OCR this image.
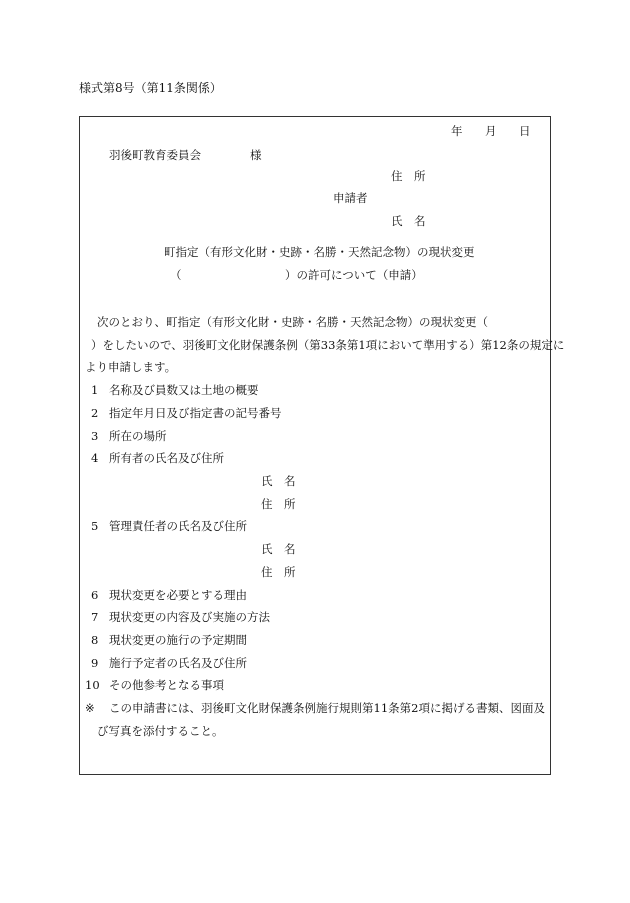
様式第8号（第11条関係）
年 月 日
羽後町教育委員会	様
住　所
申請者
氏　名
町指定（有形文化財・史跡・名勝・天然記念物）の現状変更
（	）の許可について（申請）
次のとおり、町指定（有形文化財・史跡・名勝・天然記念物）の現状変更（
）をしたいので、羽後町文化財保護条例（第33条第1項において準用する）第12条の規定に
より申請します。
1 名称及び員数又は土地の概要
2 指定年月日及び指定書の記号番号
3 所在の場所
4 所有者の氏名及び住所
氏　名
住　所
5 管理責任者の氏名及び住所
氏　名
住　所
6 現状変更を必要とする理由
7 現状変更の内容及び実施の方法
8 現状変更の施行の予定期間
9 施行予定者の氏名及び住所
10 その他参考となる事項
※ この申請書には、羽後町文化財保護条例施行規則第11条第2項に掲げる書類、図面及
び写真を添付すること。
